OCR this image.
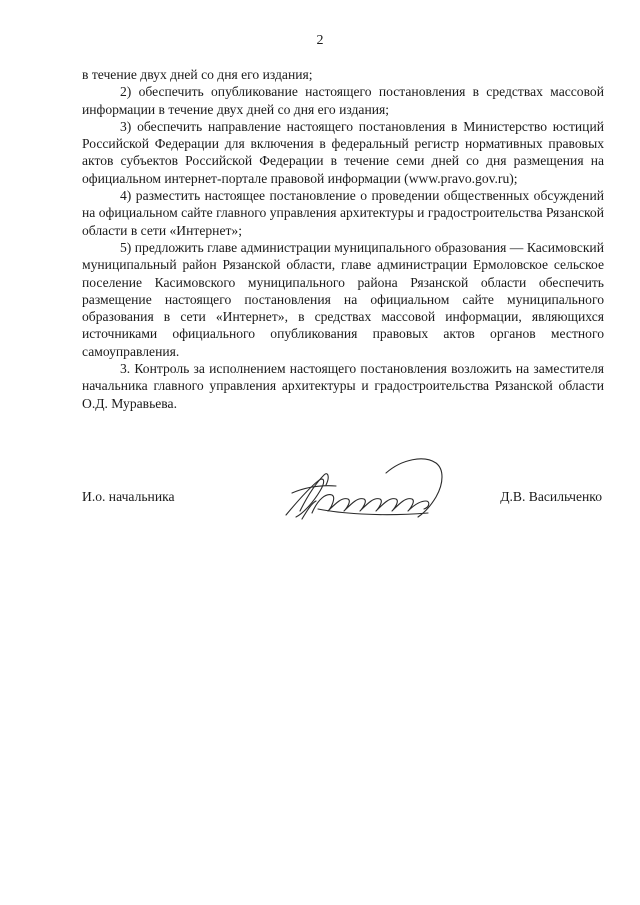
2

в течение двух дней со дня его издания;

2) обеспечить опубликование настоящего постановления в средствах массовой информации в течение двух дней со дня его издания;

3) обеспечить направление настоящего постановления в Министерство юстиций Российской Федерации для включения в федеральный регистр нормативных правовых актов субъектов Российской Федерации в течение семи дней со дня размещения на официальном интернет-портале правовой информации (www.pravo.gov.ru);

4) разместить настоящее постановление о проведении общественных обсуждений на официальном сайте главного управления архитектуры и градостроительства Рязанской области в сети «Интернет»;

5) предложить главе администрации муниципального образования — Касимовский муниципальный район Рязанской области, главе администрации Ермоловское сельское поселение Касимовского муниципального района Рязанской области обеспечить размещение настоящего постановления на официальном сайте муниципального образования в сети «Интернет», в средствах массовой информации, являющихся источниками официального опубликования правовых актов органов местного самоуправления.

3. Контроль за исполнением настоящего постановления возложить на заместителя начальника главного управления архитектуры и градостроительства Рязанской области О.Д. Муравьева.

И.о. начальника	Д.В. Васильченко
